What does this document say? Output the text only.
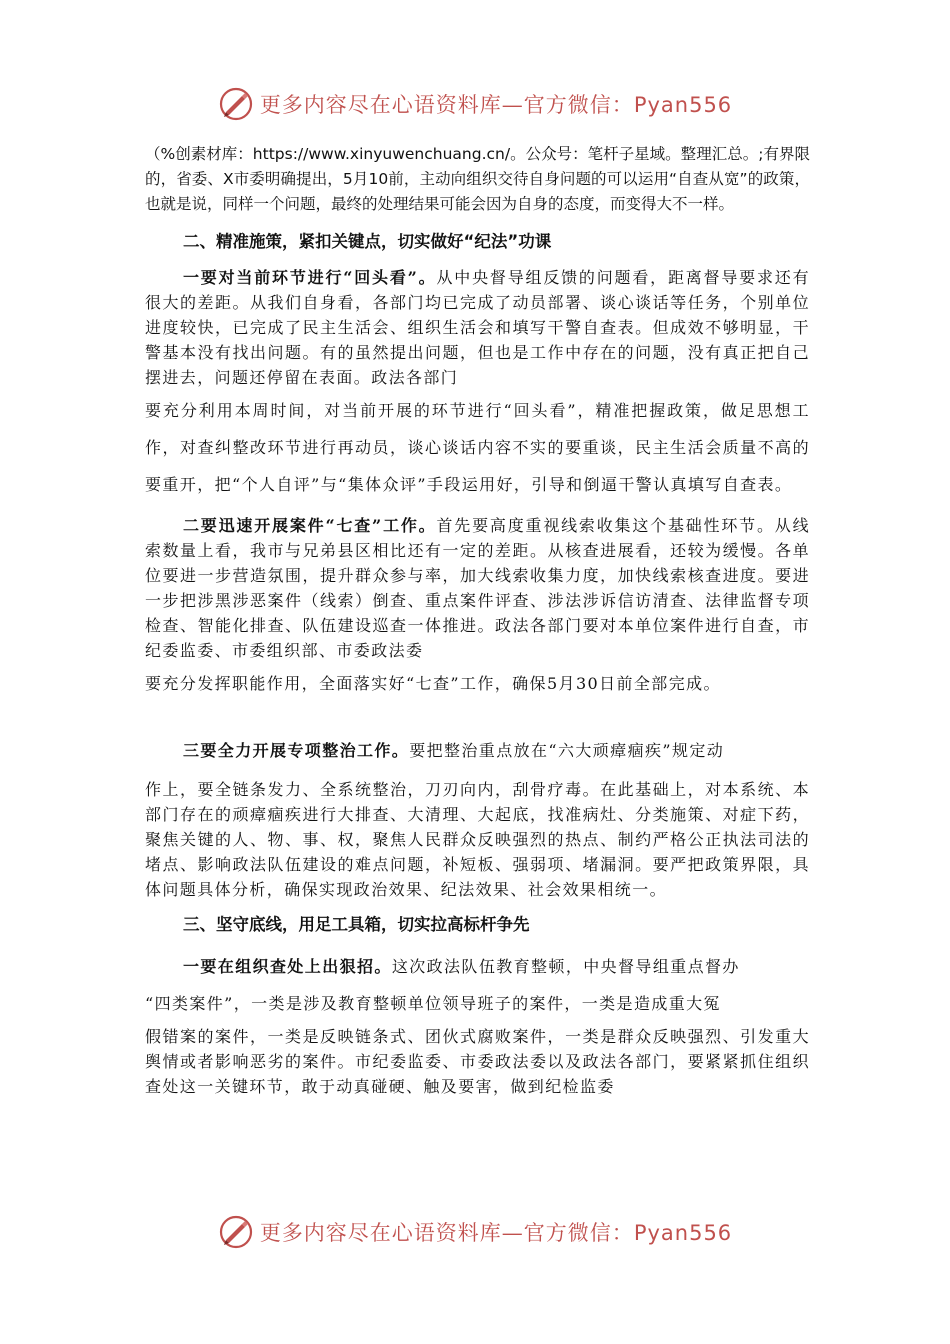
更多内容尽在心语资料库—官方微信：Pyan556

（%创素材库：https://www.xinyuwenchuang.cn/。公众号：笔杆子星域。整理汇总。;有界限的，省委、X市委明确提出，5月10前，主动向组织交待自身问题的可以运用“自查从宽”的政策，也就是说，同样一个问题，最终的处理结果可能会因为自身的态度，而变得大不一样。

二、精准施策，紧扣关键点，切实做好“纪法”功课

一要对当前环节进行“回头看”。从中央督导组反馈的问题看，距离督导要求还有很大的差距。从我们自身看，各部门均已完成了动员部署、谈心谈话等任务，个别单位进度较快，已完成了民主生活会、组织生活会和填写干警自查表。但成效不够明显，干警基本没有找出问题。有的虽然提出问题，但也是工作中存在的问题，没有真正把自己摆进去，问题还停留在表面。政法各部门

要充分利用本周时间，对当前开展的环节进行“回头看”，精准把握政策，做足思想工作，对查纠整改环节进行再动员，谈心谈话内容不实的要重谈，民主生活会质量不高的要重开，把“个人自评”与“集体众评”手段运用好，引导和倒逼干警认真填写自查表。

二要迅速开展案件“七查”工作。首先要高度重视线索收集这个基础性环节。从线索数量上看，我市与兄弟县区相比还有一定的差距。从核查进展看，还较为缓慢。各单位要进一步营造氛围，提升群众参与率，加大线索收集力度，加快线索核查进度。要进一步把涉黑涉恶案件（线索）倒查、重点案件评查、涉法涉诉信访清查、法律监督专项检查、智能化排查、队伍建设巡查一体推进。政法各部门要对本单位案件进行自查，市纪委监委、市委组织部、市委政法委

要充分发挥职能作用，全面落实好“七查”工作，确保5月30日前全部完成。

三要全力开展专项整治工作。要把整治重点放在“六大顽瘴痼疾”规定动

作上，要全链条发力、全系统整治，刀刃向内，刮骨疗毒。在此基础上，对本系统、本部门存在的顽瘴痼疾进行大排查、大清理、大起底，找准病灶、分类施策、对症下药，聚焦关键的人、物、事、权，聚焦人民群众反映强烈的热点、制约严格公正执法司法的堵点、影响政法队伍建设的难点问题，补短板、强弱项、堵漏洞。要严把政策界限，具体问题具体分析，确保实现政治效果、纪法效果、社会效果相统一。

三、坚守底线，用足工具箱，切实拉高标杆争先

一要在组织查处上出狠招。这次政法队伍教育整顿，中央督导组重点督办

“四类案件”，一类是涉及教育整顿单位领导班子的案件，一类是造成重大冤

假错案的案件，一类是反映链条式、团伙式腐败案件，一类是群众反映强烈、引发重大舆情或者影响恶劣的案件。市纪委监委、市委政法委以及政法各部门，要紧紧抓住组织查处这一关键环节，敢于动真碰硬、触及要害，做到纪检监委

更多内容尽在心语资料库—官方微信：Pyan556
